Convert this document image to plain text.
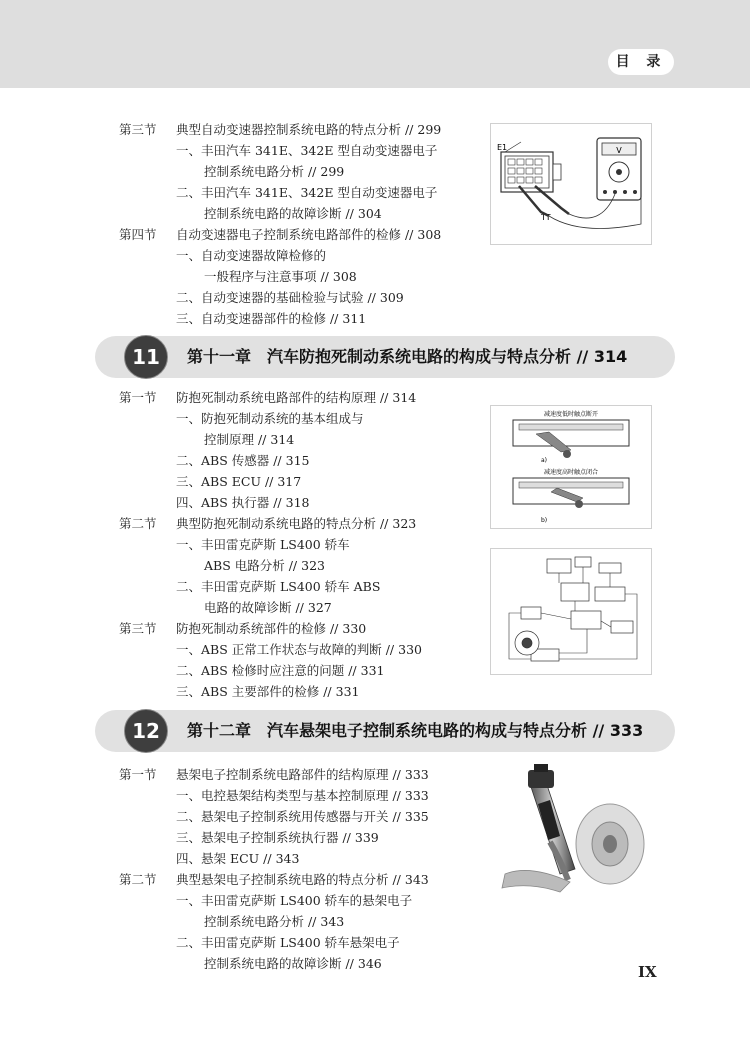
目 录
第三节	典型自动变速器控制系统电路的特点分析 // 299
一、丰田汽车 341E、342E 型自动变速器电子
控制系统电路分析 // 299
二、丰田汽车 341E、342E 型自动变速器电子
控制系统电路的故障诊断 // 304
第四节	自动变速器电子控制系统电路部件的检修 // 308
一、自动变速器故障检修的
一般程序与注意事项 // 308
二、自动变速器的基础检验与试验 // 309
三、自动变速器部件的检修 // 311
E1
TT
V
11	第十一章　汽车防抱死制动系统电路的构成与特点分析 // 314
第一节	防抱死制动系统电路部件的结构原理 // 314
一、防抱死制动系统的基本组成与
控制原理 // 314
二、ABS 传感器 // 315
三、ABS ECU // 317
四、ABS 执行器 // 318
第二节	典型防抱死制动系统电路的特点分析 // 323
一、丰田雷克萨斯 LS400 轿车
ABS 电路分析 // 323
二、丰田雷克萨斯 LS400 轿车 ABS
电路的故障诊断 // 327
第三节	防抱死制动系统部件的检修 // 330
一、ABS 正常工作状态与故障的判断 // 330
二、ABS 检修时应注意的问题 // 331
三、ABS 主要部件的检修 // 331
减速度低时触点断开
a)
减速度高时触点闭合
b)
12	第十二章　汽车悬架电子控制系统电路的构成与特点分析 // 333
第一节	悬架电子控制系统电路部件的结构原理 // 333
一、电控悬架结构类型与基本控制原理 // 333
二、悬架电子控制系统用传感器与开关 // 335
三、悬架电子控制系统执行器 // 339
四、悬架 ECU // 343
第二节	典型悬架电子控制系统电路的特点分析 // 343
一、丰田雷克萨斯 LS400 轿车的悬架电子
控制系统电路分析 // 343
二、丰田雷克萨斯 LS400 轿车悬架电子
控制系统电路的故障诊断 // 346	IX
